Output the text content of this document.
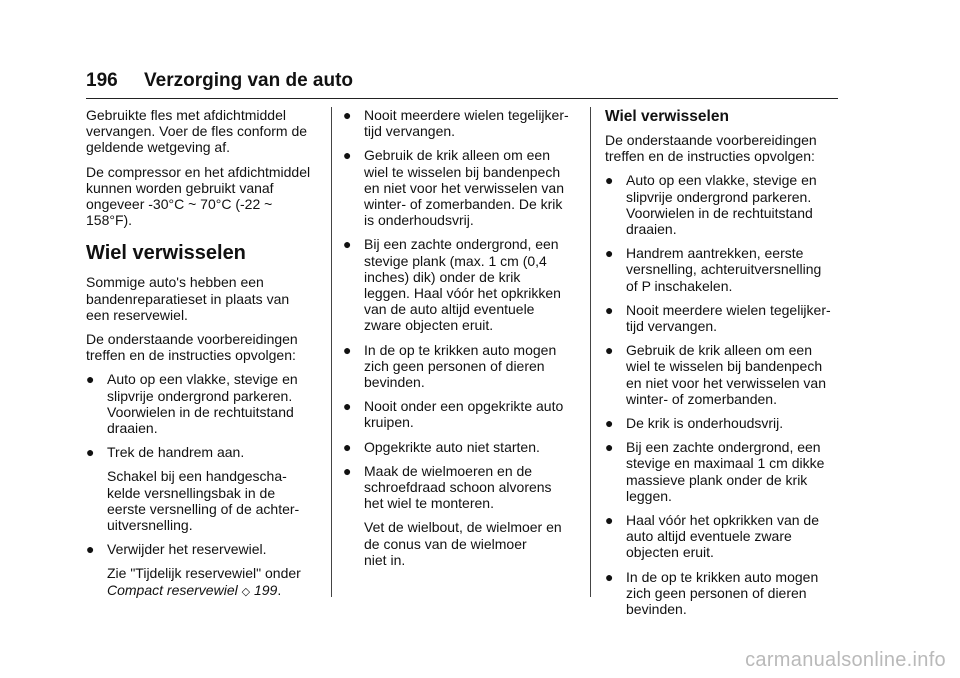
196 Verzorging van de auto

Gebruikte fles met afdichtmiddel
vervangen. Voer de fles conform de
geldende wetgeving af.

De compressor en het afdichtmiddel
kunnen worden gebruikt vanaf
ongeveer -30°C ~ 70°C (-22 ~
158°F).

Wiel verwisselen

Sommige auto's hebben een
bandenreparatieset in plaats van
een reservewiel.

De onderstaande voorbereidingen
treffen en de instructies opvolgen:

● Auto op een vlakke, stevige en
slipvrije ondergrond parkeren.
Voorwielen in de rechtuitstand
draaien.
● Trek de handrem aan.
Schakel bij een handgescha-
kelde versnellingsbak in de
eerste versnelling of de achter-
uitversnelling.
● Verwijder het reservewiel.
Zie "Tijdelijk reservewiel" onder
Compact reservewiel ◇ 199.
● Nooit meerdere wielen tegelijker-
tijd vervangen.
● Gebruik de krik alleen om een
wiel te wisselen bij bandenpech
en niet voor het verwisselen van
winter- of zomerbanden. De krik
is onderhoudsvrij.
● Bij een zachte ondergrond, een
stevige plank (max. 1 cm (0,4
inches) dik) onder de krik
leggen. Haal vóór het opkrikken
van de auto altijd eventuele
zware objecten eruit.
● In de op te krikken auto mogen
zich geen personen of dieren
bevinden.
● Nooit onder een opgekrikte auto
kruipen.
● Opgekrikte auto niet starten.
● Maak de wielmoeren en de
schroefdraad schoon alvorens
het wiel te monteren.
Vet de wielbout, de wielmoer en
de conus van de wielmoer
niet in.
Wiel verwisselen

De onderstaande voorbereidingen
treffen en de instructies opvolgen:

● Auto op een vlakke, stevige en
slipvrije ondergrond parkeren.
Voorwielen in de rechtuitstand
draaien.
● Handrem aantrekken, eerste
versnelling, achteruitversnelling
of P inschakelen.
● Nooit meerdere wielen tegelijker-
tijd vervangen.
● Gebruik de krik alleen om een
wiel te wisselen bij bandenpech
en niet voor het verwisselen van
winter- of zomerbanden.
● De krik is onderhoudsvrij.
● Bij een zachte ondergrond, een
stevige en maximaal 1 cm dikke
massieve plank onder de krik
leggen.
● Haal vóór het opkrikken van de
auto altijd eventuele zware
objecten eruit.
● In de op te krikken auto mogen
zich geen personen of dieren
bevinden.
carmanualsonline.info
